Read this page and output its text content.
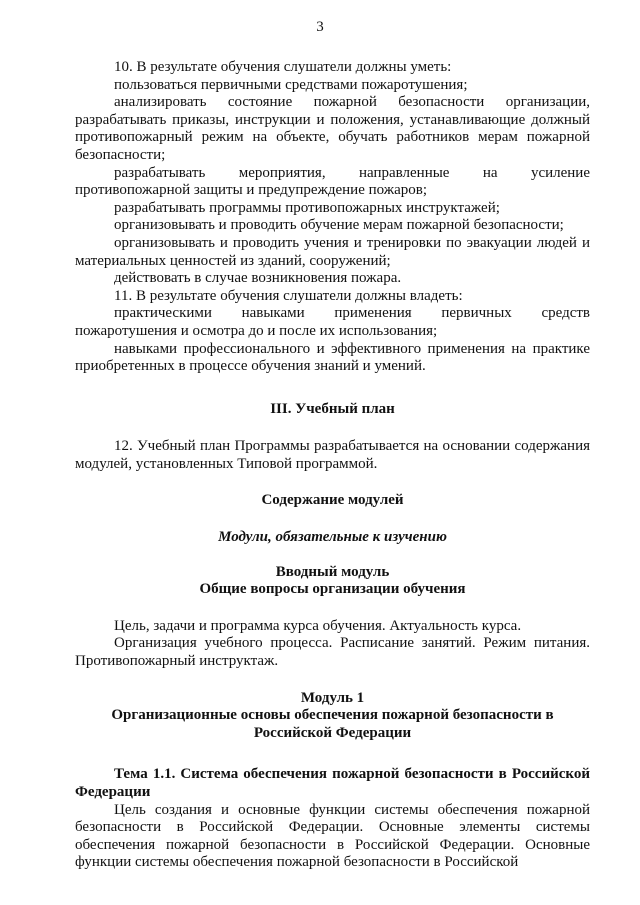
3

10. В результате обучения слушатели должны уметь:

пользоваться первичными средствами пожаротушения;

анализировать состояние пожарной безопасности организации, разрабатывать приказы, инструкции и положения, устанавливающие должный противопожарный режим на объекте, обучать работников мерам пожарной безопасности;

разрабатывать мероприятия, направленные на усиление противопожарной защиты и предупреждение пожаров;

разрабатывать программы противопожарных инструктажей;

организовывать и проводить обучение мерам пожарной безопасности;

организовывать и проводить учения и тренировки по эвакуации людей и материальных ценностей из зданий, сооружений;

действовать в случае возникновения пожара.

11. В результате обучения слушатели должны владеть:

практическими навыками применения первичных средств пожаротушения и осмотра до и после их использования;

навыками профессионального и эффективного применения на практике приобретенных в процессе обучения знаний и умений.

III. Учебный план

12. Учебный план Программы разрабатывается на основании содержания модулей, установленных Типовой программой.

Содержание модулей

Модули, обязательные к изучению

Вводный модуль

Общие вопросы организации обучения

Цель, задачи и программа курса обучения. Актуальность курса.

Организация учебного процесса. Расписание занятий. Режим питания. Противопожарный инструктаж.

Модуль 1

Организационные основы обеспечения пожарной безопасности в Российской Федерации

Тема 1.1. Система обеспечения пожарной безопасности в Российской Федерации

Цель создания и основные функции системы обеспечения пожарной безопасности в Российской Федерации. Основные элементы системы обеспечения пожарной безопасности в Российской Федерации. Основные функции системы обеспечения пожарной безопасности в Российской
